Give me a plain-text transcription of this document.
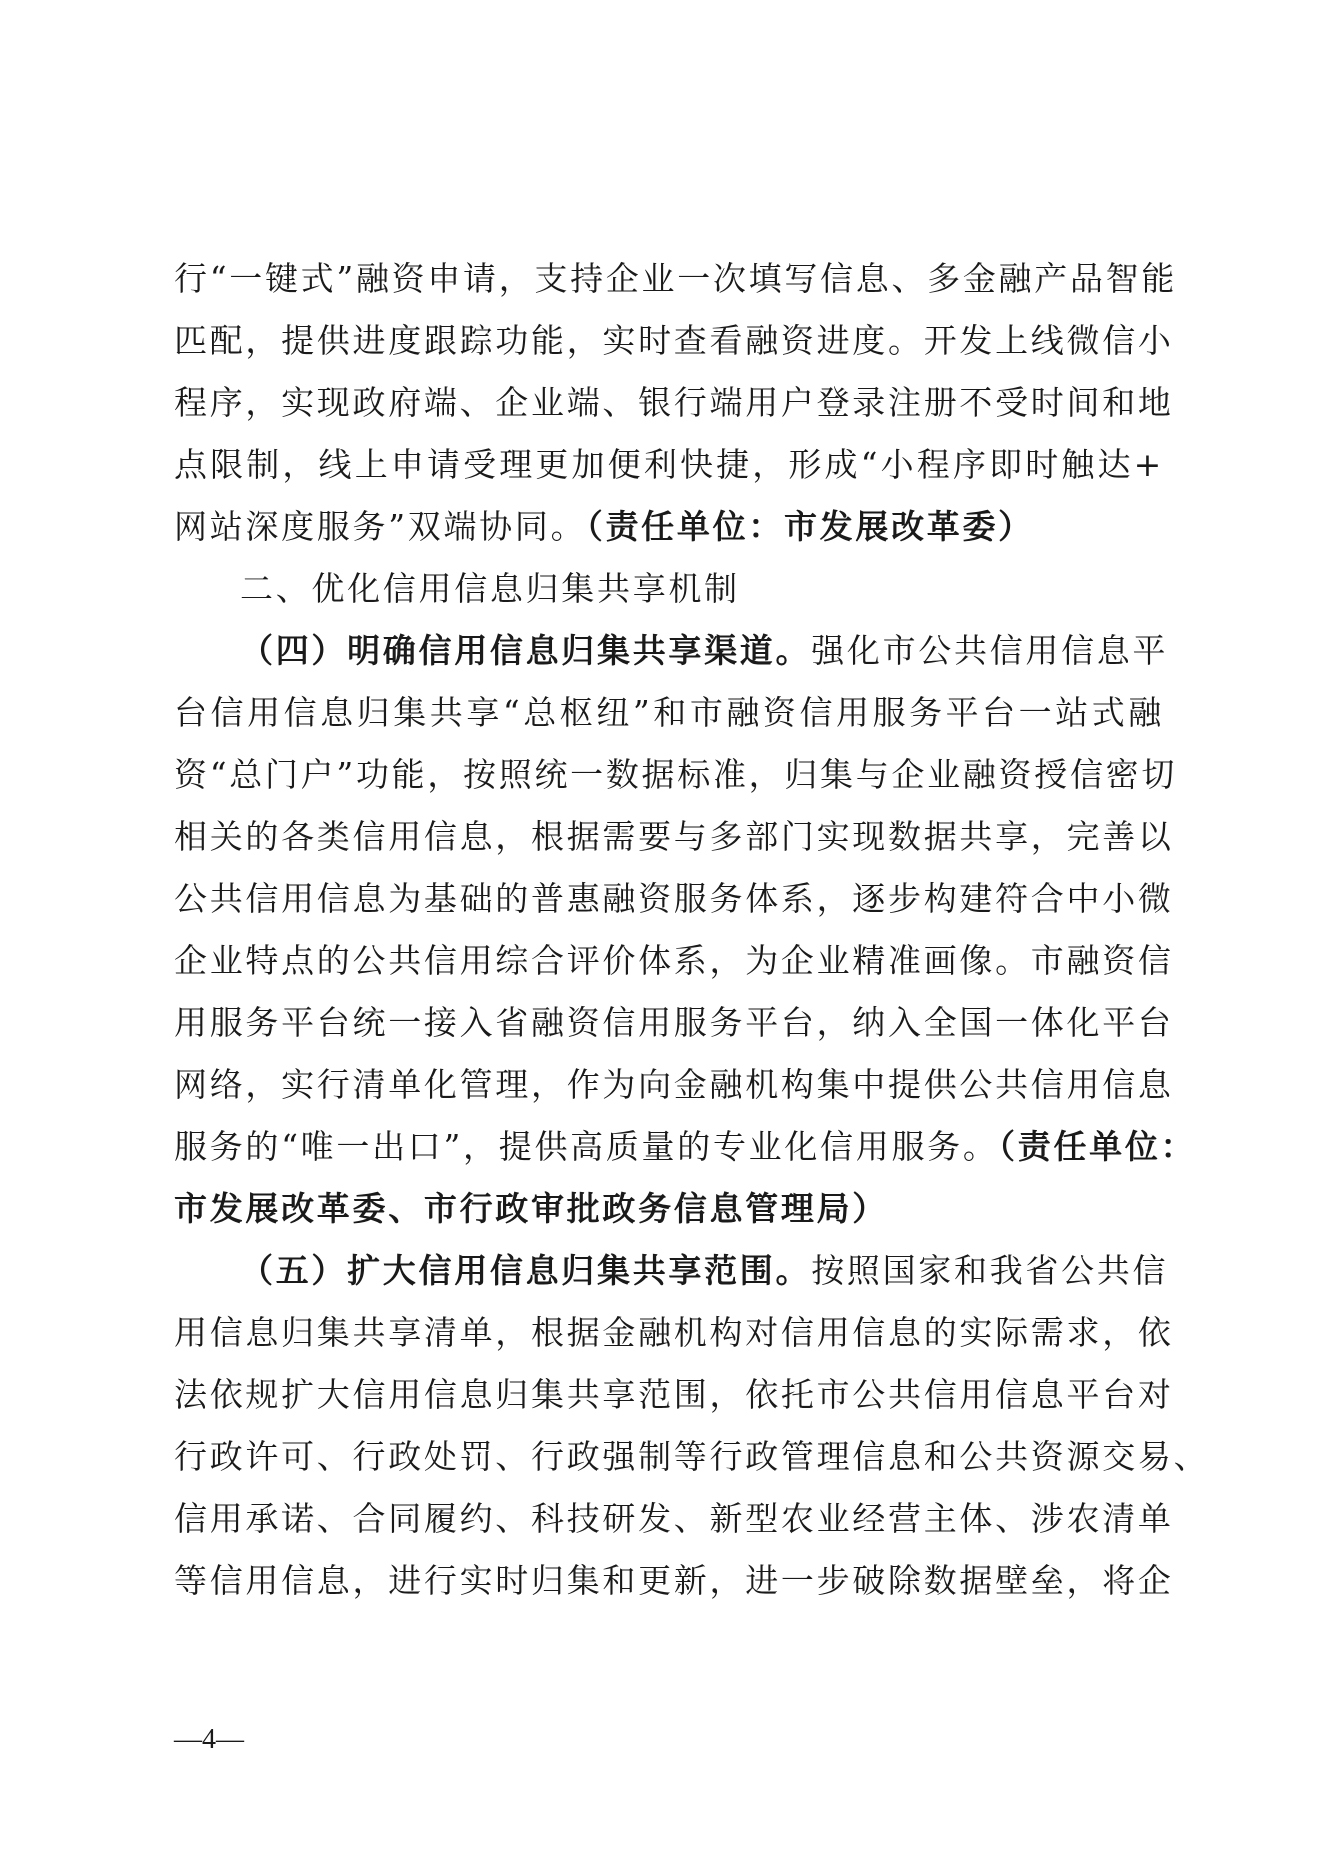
行“一键式”融资申请，支持企业一次填写信息、多金融产品智能
匹配，提供进度跟踪功能，实时查看融资进度。开发上线微信小
程序，实现政府端、企业端、银行端用户登录注册不受时间和地
点限制，线上申请受理更加便利快捷，形成“小程序即时触达+
网站深度服务”双端协同。（责任单位：市发展改革委）
二、优化信用信息归集共享机制
（四）明确信用信息归集共享渠道。强化市公共信用信息平
台信用信息归集共享“总枢纽”和市融资信用服务平台一站式融
资“总门户”功能，按照统一数据标准，归集与企业融资授信密切
相关的各类信用信息，根据需要与多部门实现数据共享，完善以
公共信用信息为基础的普惠融资服务体系，逐步构建符合中小微
企业特点的公共信用综合评价体系，为企业精准画像。市融资信
用服务平台统一接入省融资信用服务平台，纳入全国一体化平台
网络，实行清单化管理，作为向金融机构集中提供公共信用信息
服务的“唯一出口”，提供高质量的专业化信用服务。（责任单位：
市发展改革委、市行政审批政务信息管理局）
（五）扩大信用信息归集共享范围。按照国家和我省公共信
用信息归集共享清单，根据金融机构对信用信息的实际需求，依
法依规扩大信用信息归集共享范围，依托市公共信用信息平台对
行政许可、行政处罚、行政强制等行政管理信息和公共资源交易、
信用承诺、合同履约、科技研发、新型农业经营主体、涉农清单
等信用信息，进行实时归集和更新，进一步破除数据壁垒，将企
—4—
